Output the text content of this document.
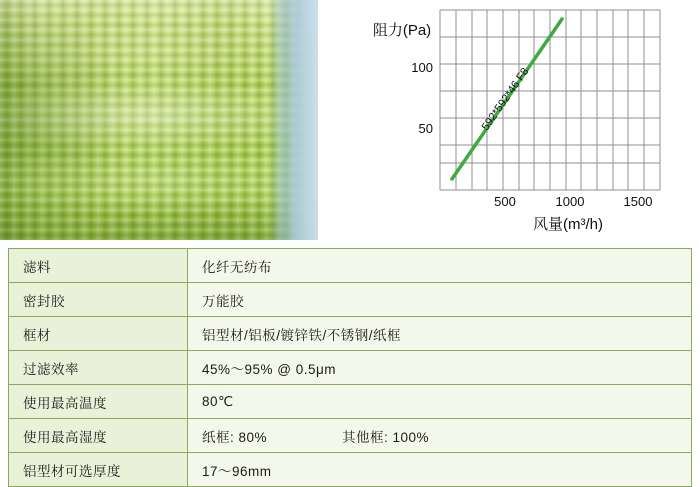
592*592*46 F8
100
50
500	1000	1500
阻力(Pa)
风量(m³/h)
滤料	化纤无纺布
密封胶	万能胶
框材	铝型材/铝板/镀锌铁/不锈钢/纸框
过滤效率	45%～95% @ 0.5μm
使用最高温度	80℃
使用最高湿度	纸框: 80% 其他框: 100%

铝型材可选厚度	17～96mm
